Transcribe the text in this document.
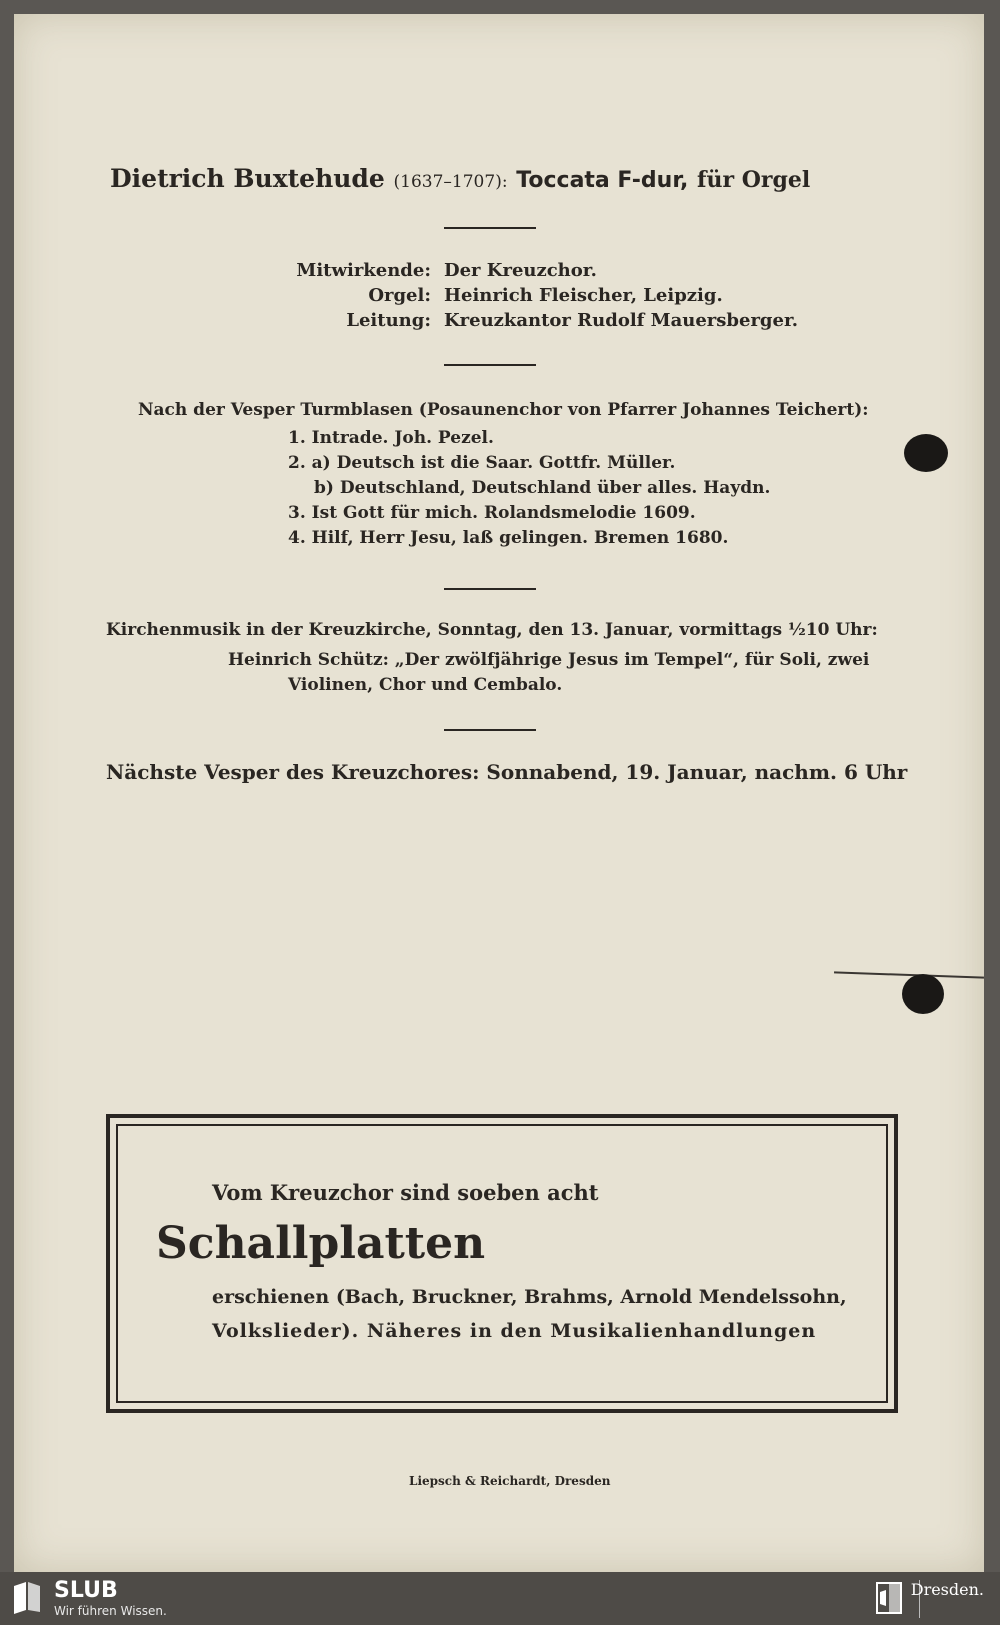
Dietrich Buxtehude (1637–1707): Toccata F-dur, für Orgel
Mitwirkende: Der Kreuzchor.
Orgel: Heinrich Fleischer, Leipzig.
Leitung: Kreuzkantor Rudolf Mauersberger.
Nach der Vesper Turmblasen (Posaunenchor von Pfarrer Johannes Teichert):
1. Intrade. Joh. Pezel.
2. a) Deutsch ist die Saar. Gottfr. Müller.
b) Deutschland, Deutschland über alles. Haydn.
3. Ist Gott für mich. Rolandsmelodie 1609.
4. Hilf, Herr Jesu, laß gelingen. Bremen 1680.
Kirchenmusik in der Kreuzkirche, Sonntag, den 13. Januar, vormittags ½10 Uhr:
Heinrich Schütz: „Der zwölfjährige Jesus im Tempel“, für Soli, zwei
Violinen, Chor und Cembalo.
Nächste Vesper des Kreuzchores: Sonnabend, 19. Januar, nachm. 6 Uhr
Vom Kreuzchor sind soeben acht
Schallplatten
erschienen (Bach, Bruckner, Brahms, Arnold Mendelssohn,
Volkslieder). Näheres in den Musikalienhandlungen
Liepsch & Reichardt, Dresden
SLUB
Wir führen Wissen.
Dresden.
